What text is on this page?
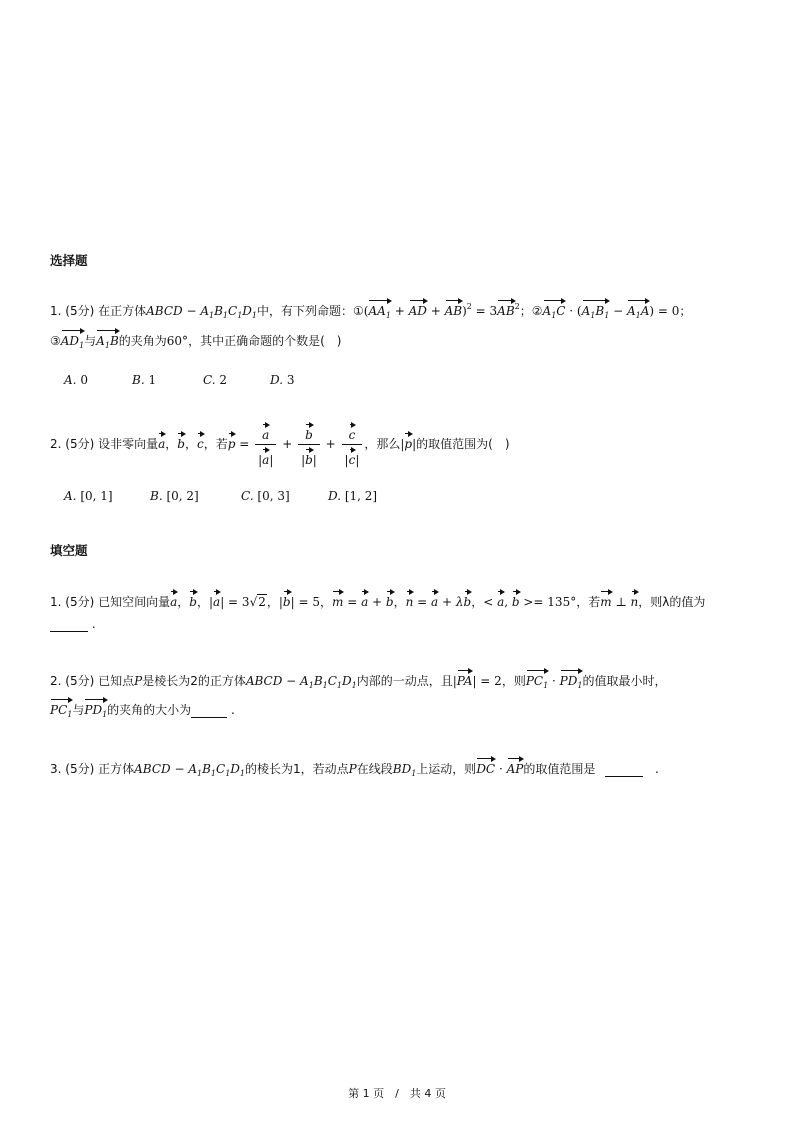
选择题
1. (5分) 在正方体ABCD − $A_1B_1C_1D_1$中，有下列命题：$①(AA_1$ + AD + $AB)^2 = 3AB^2$；$②A_1C \cdot (A_1B_1 - A_1A) = 0$；
$③AD_1$与$A_1B$的夹角为60°，其中正确命题的个数是(　)
A. 0	B. 1	C. 2	D. 3
2. (5分) 设非零向量a，b，c，若$p = \frac{a}{|a|} + \frac{b}{|b|} + \frac{c}{|c|}$ ，那么|p|的取值范围为(　)
A. [0, 1]	B. [0, 2]	C. [0, 3]	D. [1, 2]
填空题
1. (5分) 已知空间向量a，b，|a| = 3√2，|b| = 5，m = a + b，n = a + λb，< a, b >= 135°，若m ⊥ n，则λ的值为
.
2. (5分) 已知点P是棱长为2的正方体ABCD − $A_1B_1C_1D_1$内部的一动点，且|PA| = 2，则$PC_1 \cdot PD_1$的值取最小时，
$PC_1$与$PD_1$的夹角的大小为	.
3. (5分) 正方体ABCD − $A_1B_1C_1D_1$的棱长为1，若动点P在线段$BD_1$上运动，则DC · AP的取值范围是	.
第 1 页　/　共 4 页
